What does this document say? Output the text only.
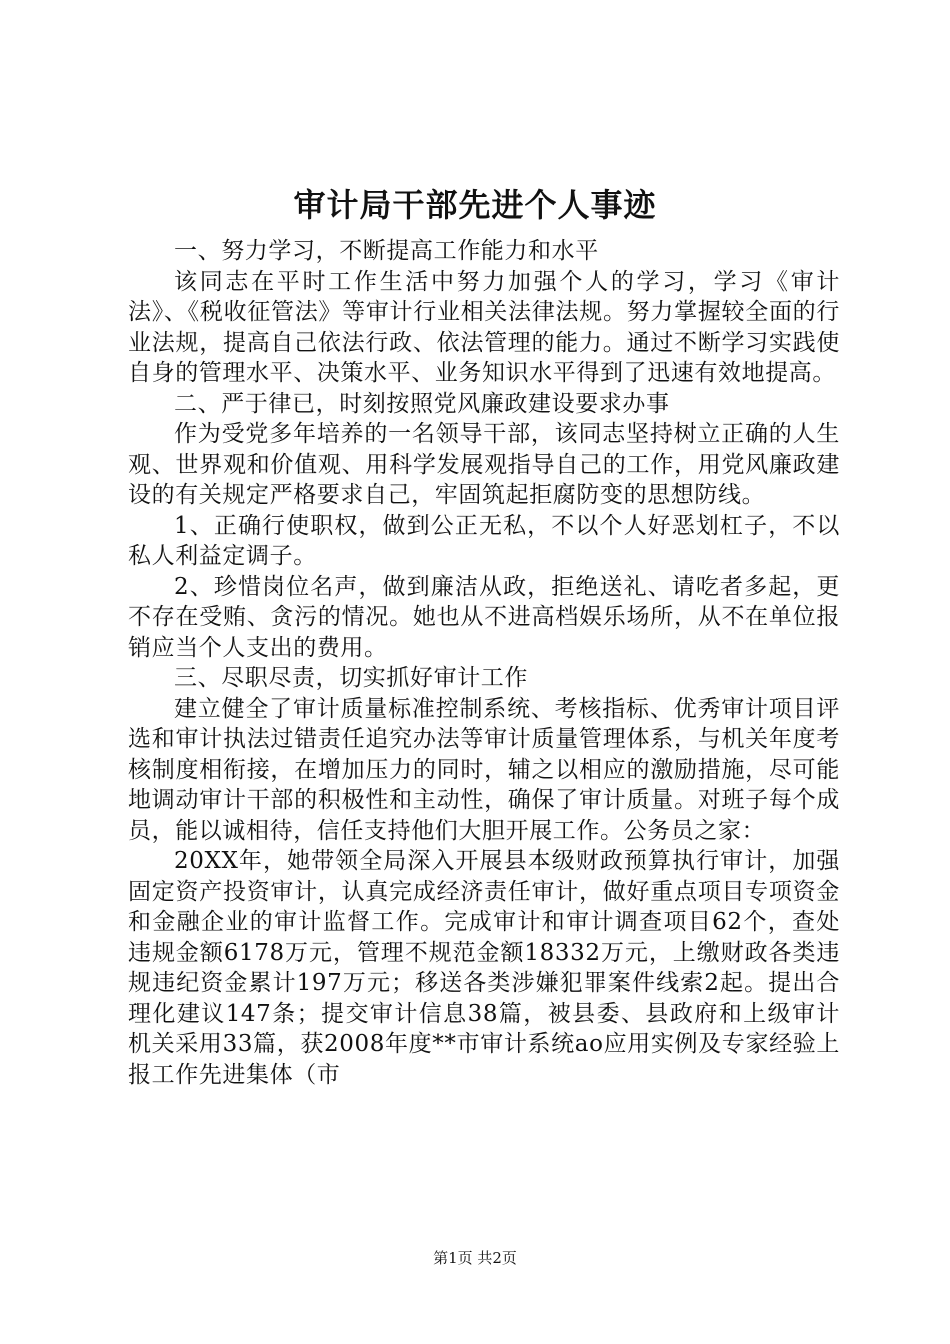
审计局干部先进个人事迹

一、努力学习，不断提高工作能力和水平

该同志在平时工作生活中努力加强个人的学习，学习《审计法》、《税收征管法》等审计行业相关法律法规。努力掌握较全面的行业法规，提高自己依法行政、依法管理的能力。通过不断学习实践使自身的管理水平、决策水平、业务知识水平得到了迅速有效地提高。

二、严于律已，时刻按照党风廉政建设要求办事

作为受党多年培养的一名领导干部，该同志坚持树立正确的人生观、世界观和价值观、用科学发展观指导自己的工作，用党风廉政建设的有关规定严格要求自己，牢固筑起拒腐防变的思想防线。

1、正确行使职权，做到公正无私，不以个人好恶划杠子，不以私人利益定调子。

2、珍惜岗位名声，做到廉洁从政，拒绝送礼、请吃者多起，更不存在受贿、贪污的情况。她也从不进高档娱乐场所，从不在单位报销应当个人支出的费用。

三、尽职尽责，切实抓好审计工作

建立健全了审计质量标准控制系统、考核指标、优秀审计项目评选和审计执法过错责任追究办法等审计质量管理体系，与机关年度考核制度相衔接，在增加压力的同时，辅之以相应的激励措施，尽可能地调动审计干部的积极性和主动性，确保了审计质量。对班子每个成员，能以诚相待，信任支持他们大胆开展工作。公务员之家：

20XX年，她带领全局深入开展县本级财政预算执行审计，加强固定资产投资审计，认真完成经济责任审计，做好重点项目专项资金和金融企业的审计监督工作。完成审计和审计调查项目62个，查处违规金额6178万元，管理不规范金额18332万元，上缴财政各类违规违纪资金累计197万元；移送各类涉嫌犯罪案件线索2起。提出合理化建议147条；提交审计信息38篇，被县委、县政府和上级审计机关采用33篇，获2008年度**市审计系统ao应用实例及专家经验上报工作先进集体（市

第1页 共2页
